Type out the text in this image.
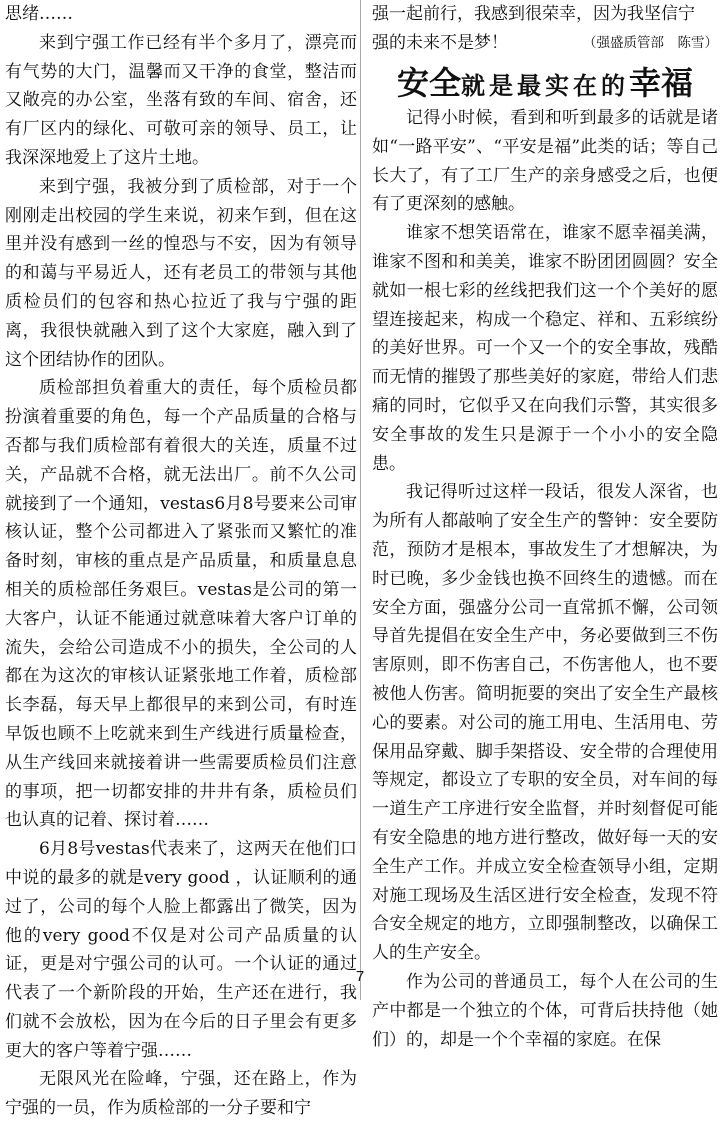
思绪……

来到宁强工作已经有半个多月了，漂亮而有气势的大门，温馨而又干净的食堂，整洁而又敞亮的办公室，坐落有致的车间、宿舍，还有厂区内的绿化、可敬可亲的领导、员工，让我深深地爱上了这片土地。

来到宁强，我被分到了质检部，对于一个刚刚走出校园的学生来说，初来乍到，但在这里并没有感到一丝的惶恐与不安，因为有领导的和蔼与平易近人，还有老员工的带领与其他质检员们的包容和热心拉近了我与宁强的距离，我很快就融入到了这个大家庭，融入到了这个团结协作的团队。

质检部担负着重大的责任，每个质检员都扮演着重要的角色，每一个产品质量的合格与否都与我们质检部有着很大的关连，质量不过关，产品就不合格，就无法出厂。前不久公司就接到了一个通知，vestas6月8号要来公司审核认证，整个公司都进入了紧张而又繁忙的准备时刻，审核的重点是产品质量，和质量息息相关的质检部任务艰巨。vestas是公司的第一大客户，认证不能通过就意味着大客户订单的流失，会给公司造成不小的损失，全公司的人都在为这次的审核认证紧张地工作着，质检部长李磊，每天早上都很早的来到公司，有时连早饭也顾不上吃就来到生产线进行质量检查，从生产线回来就接着讲一些需要质检员们注意的事项，把一切都安排的井井有条，质检员们也认真的记着、探讨着……

6月8号vestas代表来了，这两天在他们口中说的最多的就是very good ，认证顺利的通过了，公司的每个人脸上都露出了微笑，因为他的very good不仅是对公司产品质量的认证，更是对宁强公司的认可。一个认证的通过代表了一个新阶段的开始，生产还在进行，我们就不会放松，因为在今后的日子里会有更多更大的客户等着宁强……

无限风光在险峰，宁强，还在路上，作为宁强的一员，作为质检部的一分子要和宁

强一起前行，我感到很荣幸，因为我坚信宁

强的未来不是梦！	（强盛质管部　陈雪）

安全就是最实在的幸福

记得小时候，看到和听到最多的话就是诸如“一路平安”、“平安是福”此类的话；等自己长大了，有了工厂生产的亲身感受之后，也便有了更深刻的感触。

谁家不想笑语常在，谁家不愿幸福美满，谁家不图和和美美，谁家不盼团团圆圆？安全就如一根七彩的丝线把我们这一个个美好的愿望连接起来，构成一个稳定、祥和、五彩缤纷的美好世界。可一个又一个的安全事故，残酷而无情的摧毁了那些美好的家庭，带给人们悲痛的同时，它似乎又在向我们示警，其实很多安全事故的发生只是源于一个小小的安全隐患。

我记得听过这样一段话，很发人深省，也为所有人都敲响了安全生产的警钟：安全要防范，预防才是根本，事故发生了才想解决，为时已晚，多少金钱也换不回终生的遗憾。而在安全方面，强盛分公司一直常抓不懈，公司领导首先提倡在安全生产中，务必要做到三不伤害原则，即不伤害自己，不伤害他人，也不要被他人伤害。简明扼要的突出了安全生产最核心的要素。对公司的施工用电、生活用电、劳保用品穿戴、脚手架搭设、安全带的合理使用等规定，都设立了专职的安全员，对车间的每一道生产工序进行安全监督，并时刻督促可能有安全隐患的地方进行整改，做好每一天的安全生产工作。并成立安全检查领导小组，定期对施工现场及生活区进行安全检查，发现不符合安全规定的地方，立即强制整改，以确保工人的生产安全。

作为公司的普通员工，每个人在公司的生产中都是一个独立的个体，可背后扶持他（她们）的，却是一个个幸福的家庭。在保

7
